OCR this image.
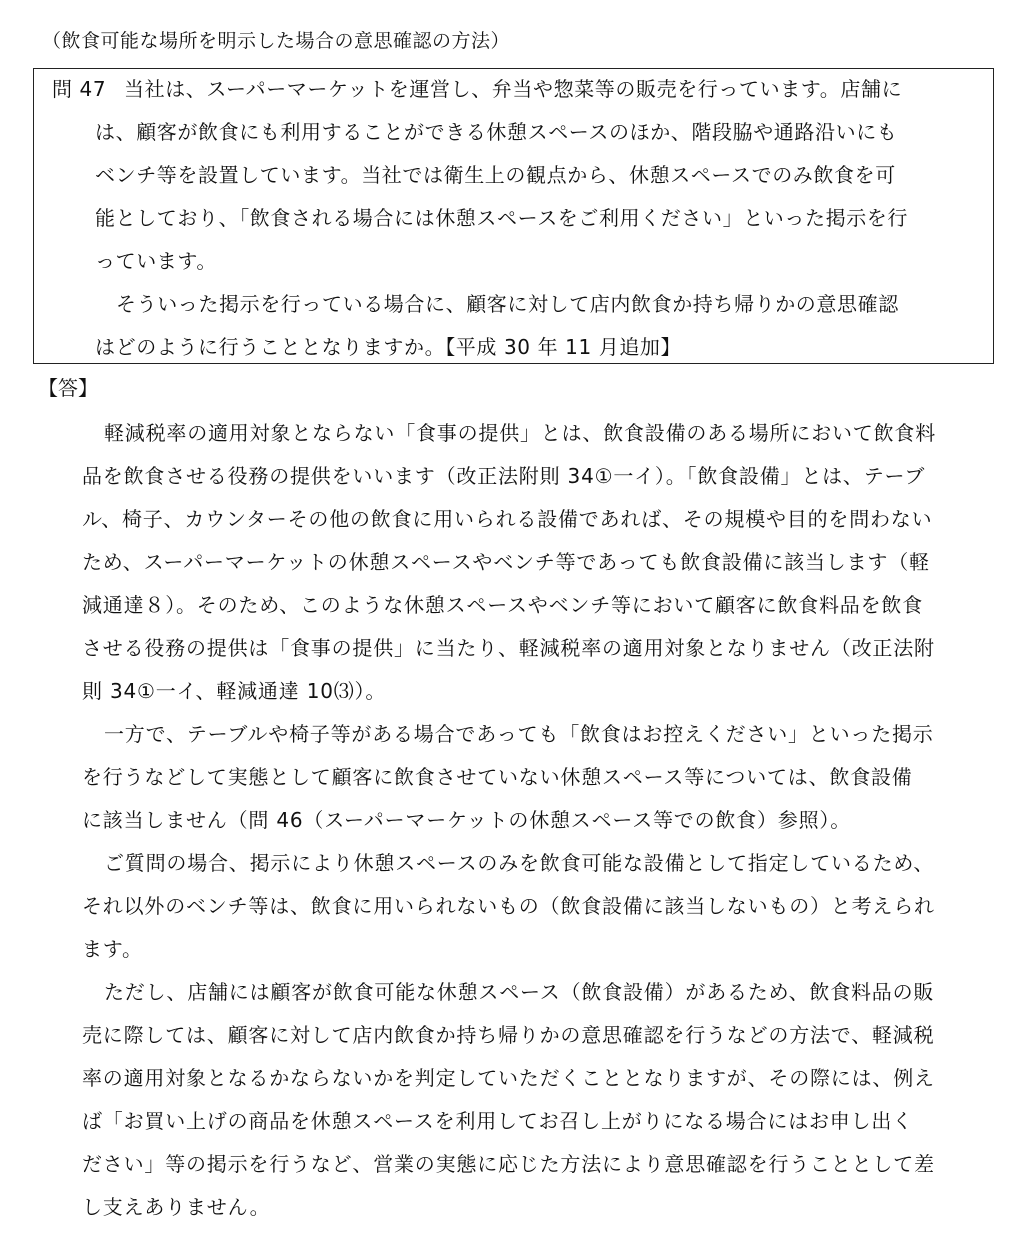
（飲食可能な場所を明示した場合の意思確認の方法）
問 47 当社は、スーパーマーケットを運営し、弁当や惣菜等の販売を行っています。店舗に
は、顧客が飲食にも利用することができる休憩スペースのほか、階段脇や通路沿いにも
ベンチ等を設置しています。当社では衛生上の観点から、休憩スペースでのみ飲食を可
能としており、「飲食される場合には休憩スペースをご利用ください」といった掲示を行
っています。
そういった掲示を行っている場合に、顧客に対して店内飲食か持ち帰りかの意思確認
はどのように行うこととなりますか。【平成 30 年 11 月追加】
【答】
軽減税率の適用対象とならない「食事の提供」とは、飲食設備のある場所において飲食料
品を飲食させる役務の提供をいいます（改正法附則 34①一イ）。「飲食設備」とは、テーブ
ル、椅子、カウンターその他の飲食に用いられる設備であれば、その規模や目的を問わない
ため、スーパーマーケットの休憩スペースやベンチ等であっても飲食設備に該当します（軽
減通達８）。そのため、このような休憩スペースやベンチ等において顧客に飲食料品を飲食
させる役務の提供は「食事の提供」に当たり、軽減税率の適用対象となりません（改正法附
則 34①一イ、軽減通達 10⑶）。
一方で、テーブルや椅子等がある場合であっても「飲食はお控えください」といった掲示
を行うなどして実態として顧客に飲食させていない休憩スペース等については、飲食設備
に該当しません（問 46（スーパーマーケットの休憩スペース等での飲食）参照）。
ご質問の場合、掲示により休憩スペースのみを飲食可能な設備として指定しているため、
それ以外のベンチ等は、飲食に用いられないもの（飲食設備に該当しないもの）と考えられ
ます。
ただし、店舗には顧客が飲食可能な休憩スペース（飲食設備）があるため、飲食料品の販
売に際しては、顧客に対して店内飲食か持ち帰りかの意思確認を行うなどの方法で、軽減税
率の適用対象となるかならないかを判定していただくこととなりますが、その際には、例え
ば「お買い上げの商品を休憩スペースを利用してお召し上がりになる場合にはお申し出く
ださい」等の掲示を行うなど、営業の実態に応じた方法により意思確認を行うこととして差
し支えありません。
